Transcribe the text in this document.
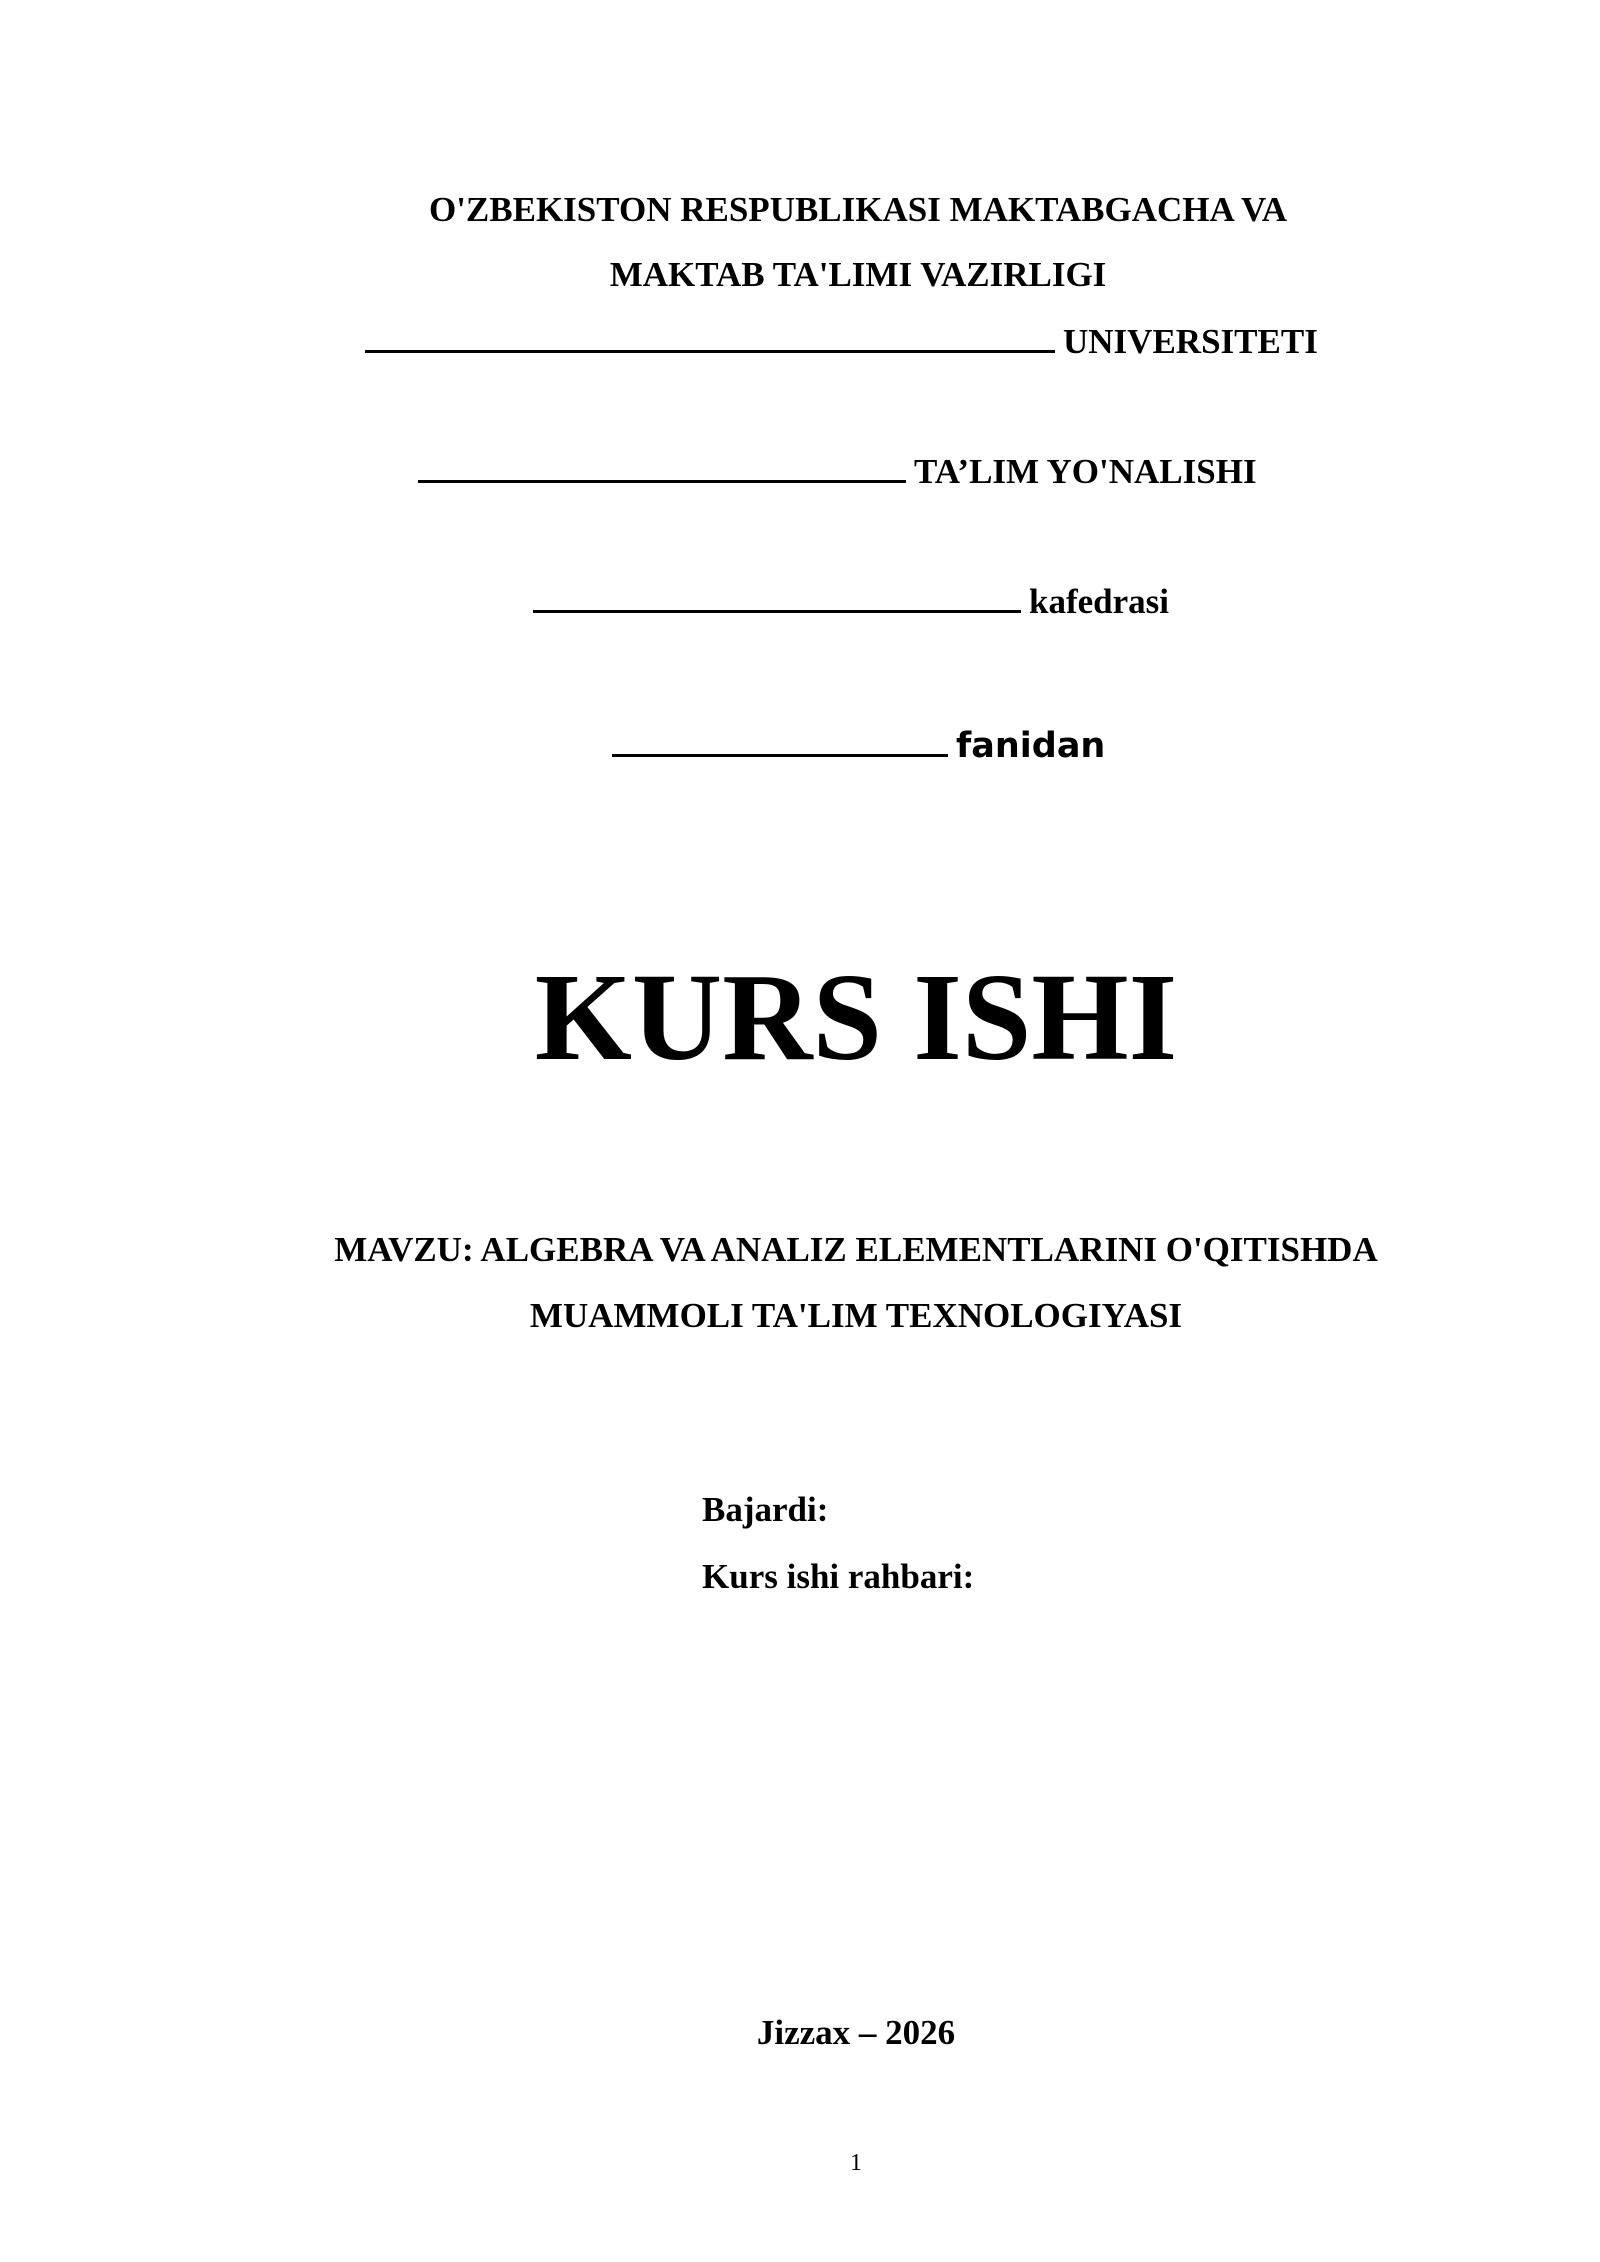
O'ZBEKISTON RESPUBLIKASI MAKTABGACHA VA
MAKTAB TA'LIMI VAZIRLIGI
UNIVERSITETI
TA’LIM YO'NALISHI
kafedrasi
fanidan
KURS ISHI
MAVZU: ALGEBRA VA ANALIZ ELEMENTLARINI O'QITISHDA
MUAMMOLI TA'LIM TEXNOLOGIYASI
Bajardi:
Kurs ishi rahbari:
Jizzax – 2026
1
